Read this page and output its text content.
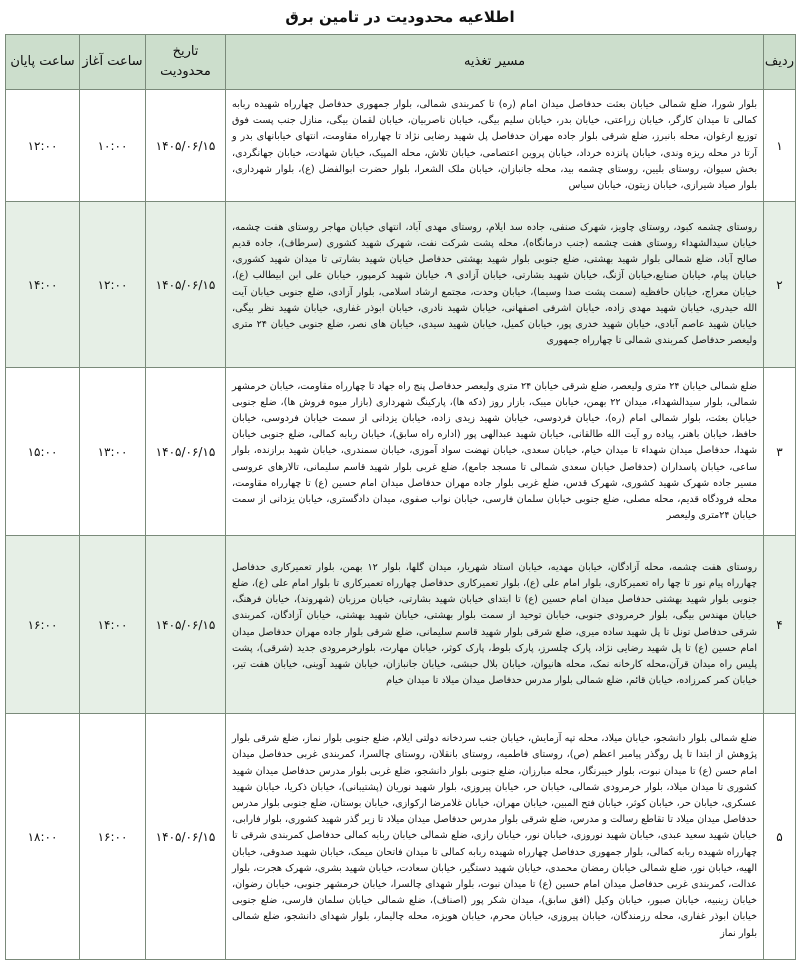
اطلاعیه محدودیت در تامین برق
ردیف	مسیر تغذیه	تاریخ محدودیت	ساعت آغاز	ساعت پایان
۱	بلوار شورا، ضلع شمالی خیابان بعثت حدفاصل میدان امام (ره) تا کمربندی شمالی، بلوار جمهوری حدفاصل چهارراه شهیده ربابه کمالی تا میدان کارگر، خیابان زراعتی، خیابان بدر، خیابان سلیم بیگی، خیابان ناصربیان، خیابان لقمان بیگی، منازل جنب پست فوق توزیع ارغوان، محله بانبرز، ضلع شرقی بلوار جاده مهران حدفاصل پل شهید رضایی نژاد تا چهارراه مقاومت، انتهای خیابانهای بدر و آرتا در محله ریزه وندی، خیابان پانزده خرداد، خیابان پروین اعتصامی، خیابان تلاش، محله المپیک، خیابان شهادت، خیابان جهانگردی، بخش سیوان، روستای بلیین، روستای چشمه بید، محله جانبازان، خیابان ملک الشعرا، بلوار حضرت ابوالفضل (ع)، بلوار شهرداری، بلوار صیاد شیرازی، خیابان زیتون، خیابان سیاس	۱۴۰۵/۰۶/۱۵	۱۰:۰۰	۱۲:۰۰
۲	روستای چشمه کبود، روستای چاویز، شهرک صنفی، جاده سد ایلام، روستای مهدی آباد، انتهای خیابان مهاجر روستای هفت چشمه، خیابان سیدالشهداء روستای هفت چشمه (جنب درمانگاه)، محله پشت شرکت نفت، شهرک شهید کشوری (سرطاف)، جاده قدیم صالح آباد، ضلع شمالی بلوار شهید بهشتی، ضلع جنوبی بلوار شهید بهشتی حدفاصل خیابان شهید بشارتی تا میدان شهید کشوری، خیابان پیام، خیابان صنایع،خیابان آژنگ، خیابان شهید بشارتی، خیابان آزادی ۹، خیابان شهید کرمپور، خیابان علی ابن ابیطالب (ع)، خیابان معراج، خیابان حافظیه (سمت پشت صدا وسیما)، خیابان وحدت، مجتمع ارشاد اسلامی، بلوار آزادی، ضلع جنوبی خیابان آیت الله حیدری، خیابان شهید مهدی زاده، خیابان اشرفی اصفهانی، خیابان شهید نادری، خیابان ابوذر غفاری، خیابان شهید نظر بیگی، خیابان شهید عاصم آبادی، خیابان شهید خدری پور، خیابان کمیل، خیابان شهید سیدی، خیابان های نصر، ضلع جنوبی خیابان ۲۴ متری ولیعصر حدفاصل کمربندی شمالی تا چهارراه جمهوری	۱۴۰۵/۰۶/۱۵	۱۲:۰۰	۱۴:۰۰
۳	ضلع شمالی خیابان ۲۴ متری ولیعصر، ضلع شرقی خیابان ۲۴ متری ولیعصر حدفاصل پنج راه جهاد تا چهارراه مقاومت، خیابان خرمشهر شمالی، بلوار سیدالشهداء، میدان ۲۲ بهمن، خیابان میبک، بازار روز (دکه ها)، پارکینگ شهرداری (بازار میوه فروش ها)، ضلع جنوبی خیابان بعثت، بلوار شمالی امام (ره)، خیابان فردوسی، خیابان شهید زیدی زاده، خیابان یزدانی از سمت خیابان فردوسی، خیابان حافظ، خیابان باهنر، پیاده رو آیت الله طالقانی، خیابان شهید عبدالهی پور (اداره راه سابق)، خیابان ربابه کمالی، ضلع جنوبی خیابان شهدا، حدفاصل میدان شهداء تا میدان خیام، خیابان سعدی، خیابان نهضت سواد آموزی، خیابان سمندری، خیابان شهید برازنده، بلوار ساعی، خیابان پاسداران (حدفاصل خیابان سعدی شمالی تا مسجد جامع)، ضلع غربی بلوار شهید قاسم سلیمانی، تالارهای عروسی مسیر جاده شهرک شهید کشوری، شهرک قدس، ضلع غربی بلوار جاده مهران حدفاصل میدان امام حسین (ع) تا چهارراه مقاومت، محله فرودگاه قدیم، محله مصلی، ضلع جنوبی خیابان سلمان فارسی، خیابان نواب صفوی، میدان دادگستری، خیابان یزدانی از سمت خیابان ۲۴متری ولیعصر	۱۴۰۵/۰۶/۱۵	۱۳:۰۰	۱۵:۰۰
۴	روستای هفت چشمه، محله آزادگان، خیابان مهدیه، خیابان استاد شهریار، میدان گلها، بلوار ۱۲ بهمن، بلوار تعمیرکاری حدفاصل چهارراه پیام نور تا چها راه تعمیرکاری، بلوار امام علی (ع)، بلوار تعمیرکاری حدفاصل چهارراه تعمیرکاری تا بلوار امام علی (ع)، ضلع جنوبی بلوار شهید بهشتی حدفاصل میدان امام حسین (ع) تا ابتدای خیابان شهید بشارتی، خیابان مرزبان (شهروند)، خیابان فرهنگ، خیابان مهندس بیگی، بلوار خرمرودی جنوبی، خیابان توحید از سمت بلوار بهشتی، خیابان شهید بهشتی، خیابان آزادگان، کمربندی شرقی حدفاصل تونل تا پل شهید ساده میری، ضلع شرقی بلوار شهید قاسم سلیمانی، ضلع شرقی بلوار جاده مهران حدفاصل میدان امام حسین (ع) تا پل شهید رضایی نژاد، پارک چلسرز، پارک بلوط، پارک کوثر، خیابان مهارت، بلوارخرمرودی جدید (شرقی)، پشت پلیس راه میدان قرآن،محله کارخانه نمک، محله هانیوان، خیابان بلال حبشی، خیابان جانبازان، خیابان شهید آوینی، خیابان هفت تیر، خیابان کمر کمرزاده، خیابان قائم، ضلع شمالی بلوار مدرس حدفاصل میدان میلاد تا میدان خیام	۱۴۰۵/۰۶/۱۵	۱۴:۰۰	۱۶:۰۰
۵	ضلع شمالی بلوار دانشجو، خیابان میلاد، محله تپه آزمایش، خیابان جنب سردخانه دولتی ایلام، ضلع جنوبی بلوار نماز، ضلع شرقی بلوار پژوهش از ابتدا تا پل روگذر پیامبر اعظم (ص)، روستای فاطمیه، روستای بانقلان، روستای چالسرا، کمربندی غربی حدفاصل میدان امام حسن (ع) تا میدان نبوت، بلوار خیبرنگار، محله مبارزان، ضلع جنوبی بلوار دانشجو، ضلع غربی بلوار مدرس حدفاصل میدان شهید کشوری تا میدان میلاد، بلوار خرمرودی شمالی، خیابان حر، خیابان پیروزی، بلوار شهید نوریان (پشتیبانی)، خیابان ذکریا، خیابان شهید عسکری، خیابان حر، خیابان کوثر، خیابان فتح المبین، خیابان مهران، خیابان غلامرضا ارکوازی، خیابان بوستان، ضلع جنوبی بلوار مدرس حدفاصل میدان میلاد تا تقاطع رسالت و مدرس، ضلع شرقی بلوار مدرس حدفاصل میدان میلاد تا زیر گذر شهید کشوری، بلوار فارابی، خیابان شهید سعید عبدی، خیابان شهید نوروزی، خیابان نور، خیابان رازی، ضلع شمالی خیابان ربابه کمالی حدفاصل کمربندی شرقی تا چهارراه شهیده ربابه کمالی، بلوار جمهوری حدفاصل چهارراه شهیده ربابه کمالی تا میدان فاتحان میمک، خیابان شهید صدوقی، خیابان الهیه، خیابان نور، ضلع شمالی خیابان رمضان محمدی، خیابان شهید دستگیر، خیابان سعادت، خیابان شهید بشری، شهرک هجرت، بلوار عدالت، کمربندی غربی حدفاصل میدان امام حسین (ع) تا میدان نبوت، بلوار شهدای چالسرا، خیابان خرمشهر جنوبی، خیابان رضوان، خیابان زینبیه، خیابان صبور، خیابان وکیل (افق سابق)، میدان شکر پور (اصناف)، ضلع شمالی خیابان سلمان فارسی، ضلع جنوبی خیابان ابوذر غفاری، محله رزمندگان، خیابان پیروزی، خیابان محرم، خیابان هویزه، محله چالیمار، بلوار شهدای دانشجو، ضلع شمالی بلوار نماز	۱۴۰۵/۰۶/۱۵	۱۶:۰۰	۱۸:۰۰
